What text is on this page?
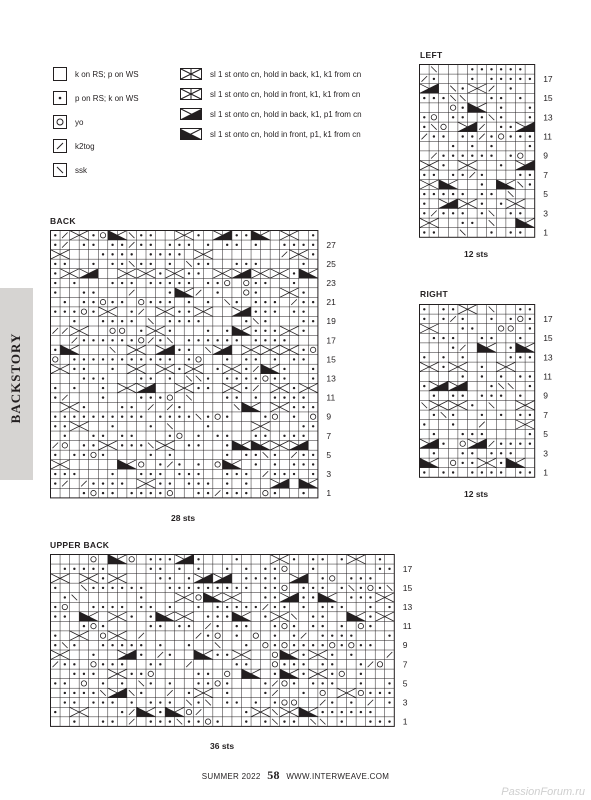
BACKSTORY
k on RS; p on WS
p on RS; k on WS
yo
k2tog
ssk
sl 1 st onto cn, hold in back, k1, k1 from cn
sl 1 st onto cn, hold in front, k1, k1 from cn
sl 1 st onto cn, hold in back, k1, p1 from cn
sl 1 st onto cn, hold in front, p1, k1 from cn
LEFT
BACK
RIGHT
UPPER BACK
1
3
5
7
9
11
13
15
17
1
3
5
7
9
11
13
15
17
19
21
23
25
27
1
3
5
7
9
11
13
15
17
1
3
5
7
9
11
13
15
17
12 sts
28 sts
12 sts
36 sts
SUMMER 2022 58 WWW.INTERWEAVE.COM
PassionForum.ru
